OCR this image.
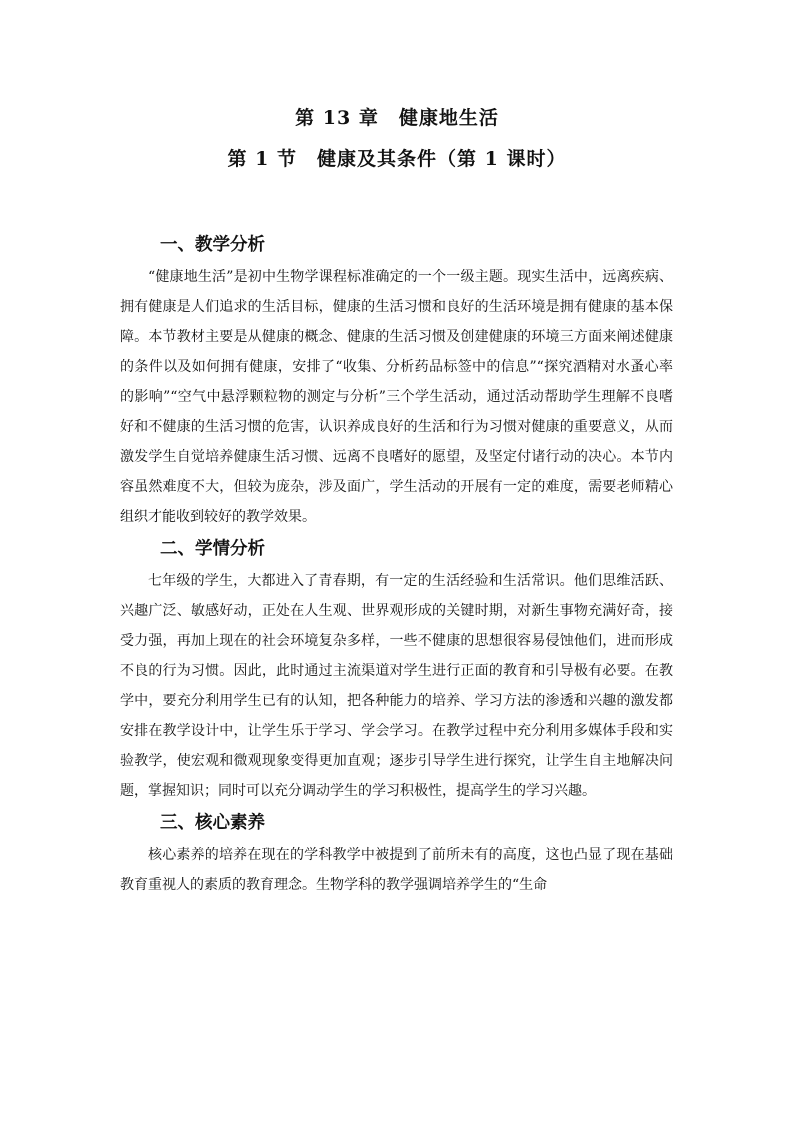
第 13 章　健康地生活
第 1 节　健康及其条件（第 1 课时）
一、教学分析

“健康地生活”是初中生物学课程标准确定的一个一级主题。现实生活中，远离疾病、拥有健康是人们追求的生活目标，健康的生活习惯和良好的生活环境是拥有健康的基本保障。本节教材主要是从健康的概念、健康的生活习惯及创建健康的环境三方面来阐述健康的条件以及如何拥有健康，安排了“收集、分析药品标签中的信息”“探究酒精对水蚤心率的影响”“空气中悬浮颗粒物的测定与分析”三个学生活动，通过活动帮助学生理解不良嗜好和不健康的生活习惯的危害，认识养成良好的生活和行为习惯对健康的重要意义，从而激发学生自觉培养健康生活习惯、远离不良嗜好的愿望，及坚定付诸行动的决心。本节内容虽然难度不大，但较为庞杂，涉及面广，学生活动的开展有一定的难度，需要老师精心组织才能收到较好的教学效果。

二、学情分析

七年级的学生，大都进入了青春期，有一定的生活经验和生活常识。他们思维活跃、兴趣广泛、敏感好动，正处在人生观、世界观形成的关键时期，对新生事物充满好奇，接受力强，再加上现在的社会环境复杂多样，一些不健康的思想很容易侵蚀他们，进而形成不良的行为习惯。因此，此时通过主流渠道对学生进行正面的教育和引导极有必要。在教学中，要充分利用学生已有的认知，把各种能力的培养、学习方法的渗透和兴趣的激发都安排在教学设计中，让学生乐于学习、学会学习。在教学过程中充分利用多媒体手段和实验教学，使宏观和微观现象变得更加直观；逐步引导学生进行探究，让学生自主地解决问题，掌握知识；同时可以充分调动学生的学习积极性，提高学生的学习兴趣。

三、核心素养

核心素养的培养在现在的学科教学中被提到了前所未有的高度，这也凸显了现在基础教育重视人的素质的教育理念。生物学科的教学强调培养学生的“生命
